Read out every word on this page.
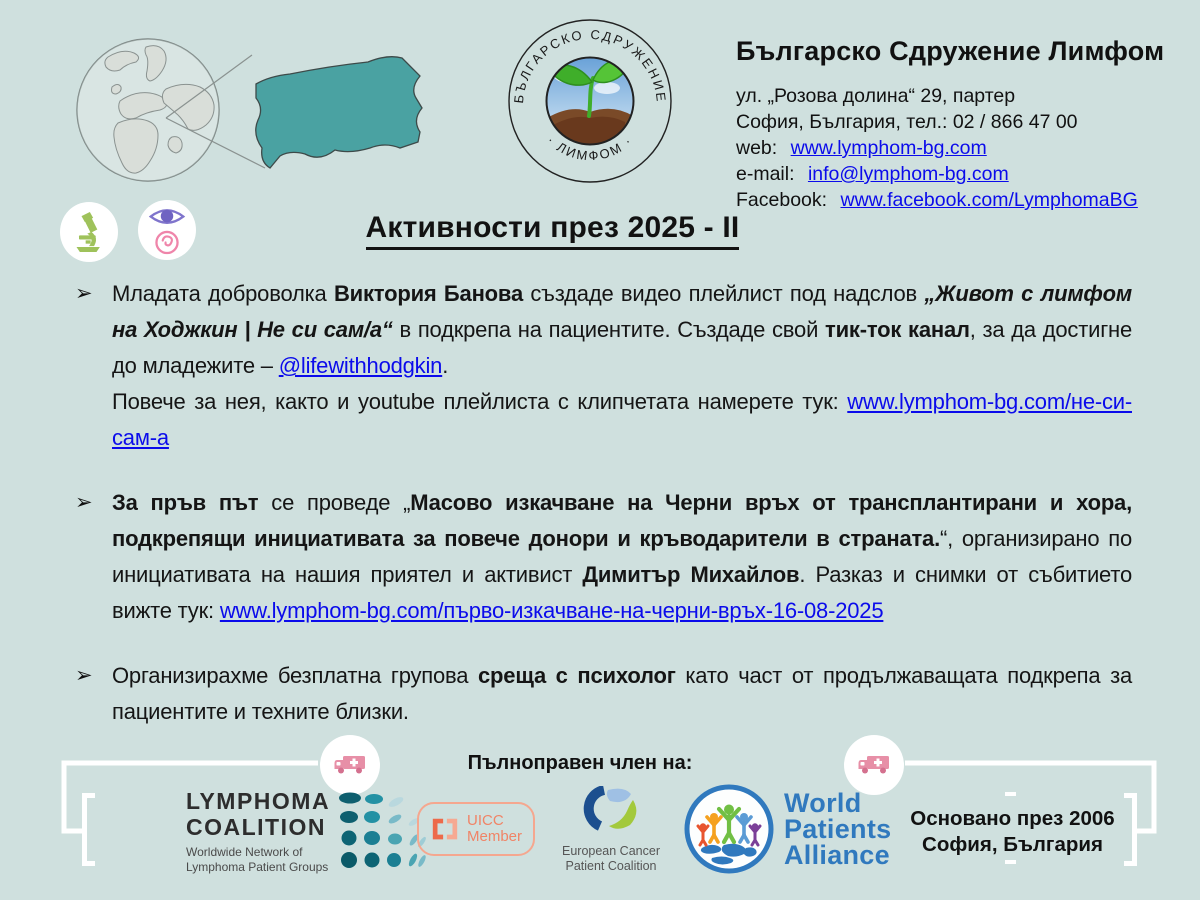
БЪЛГАРСКО СДРУЖЕНИЕ
· ЛИМФОМ ·
Българско Сдружение Лимфом
ул. „Розова долина“ 29, партер
София, България, тел.: 02 / 866 47 00
web: www.lymphom-bg.com
e-mail: info@lymphom-bg.com
Facebook: www.facebook.com/LymphomaBG
Активности през 2025 - II
➢ Младата доброволка Виктория Банова създаде видео плейлист под надслов „Живот с лимфом на Ходжкин | Не си сам/а“ в подкрепа на пациентите. Създаде свой тик-ток канал, за да достигне до младежите – @lifewithhodgkin.
Повече за нея, както и youtube плейлиста с клипчетата намерете тук: www.lymphom-bg.com/не-си-сам-а
➢ За пръв път се проведе „Масово изкачване на Черни връх от трансплантирани и хора, подкрепящи инициативата за повече донори и кръводарители в страната.“, организирано по инициативата на нашия приятел и активист Димитър Михайлов. Разказ и снимки от събитието вижте тук: www.lymphom-bg.com/първо-изкачване-на-черни-връх-16-08-2025
➢ Организирахме безплатна групова среща с психолог като част от продължаващата подкрепа за пациентите и техните близки.
Пълноправен член на:
LYMPHOMA
COALITION
Worldwide Network of
Lymphoma Patient Groups
UICC
Member
European Cancer
Patient Coalition
World
Patients
Alliance
Основано през 2006
София, България
